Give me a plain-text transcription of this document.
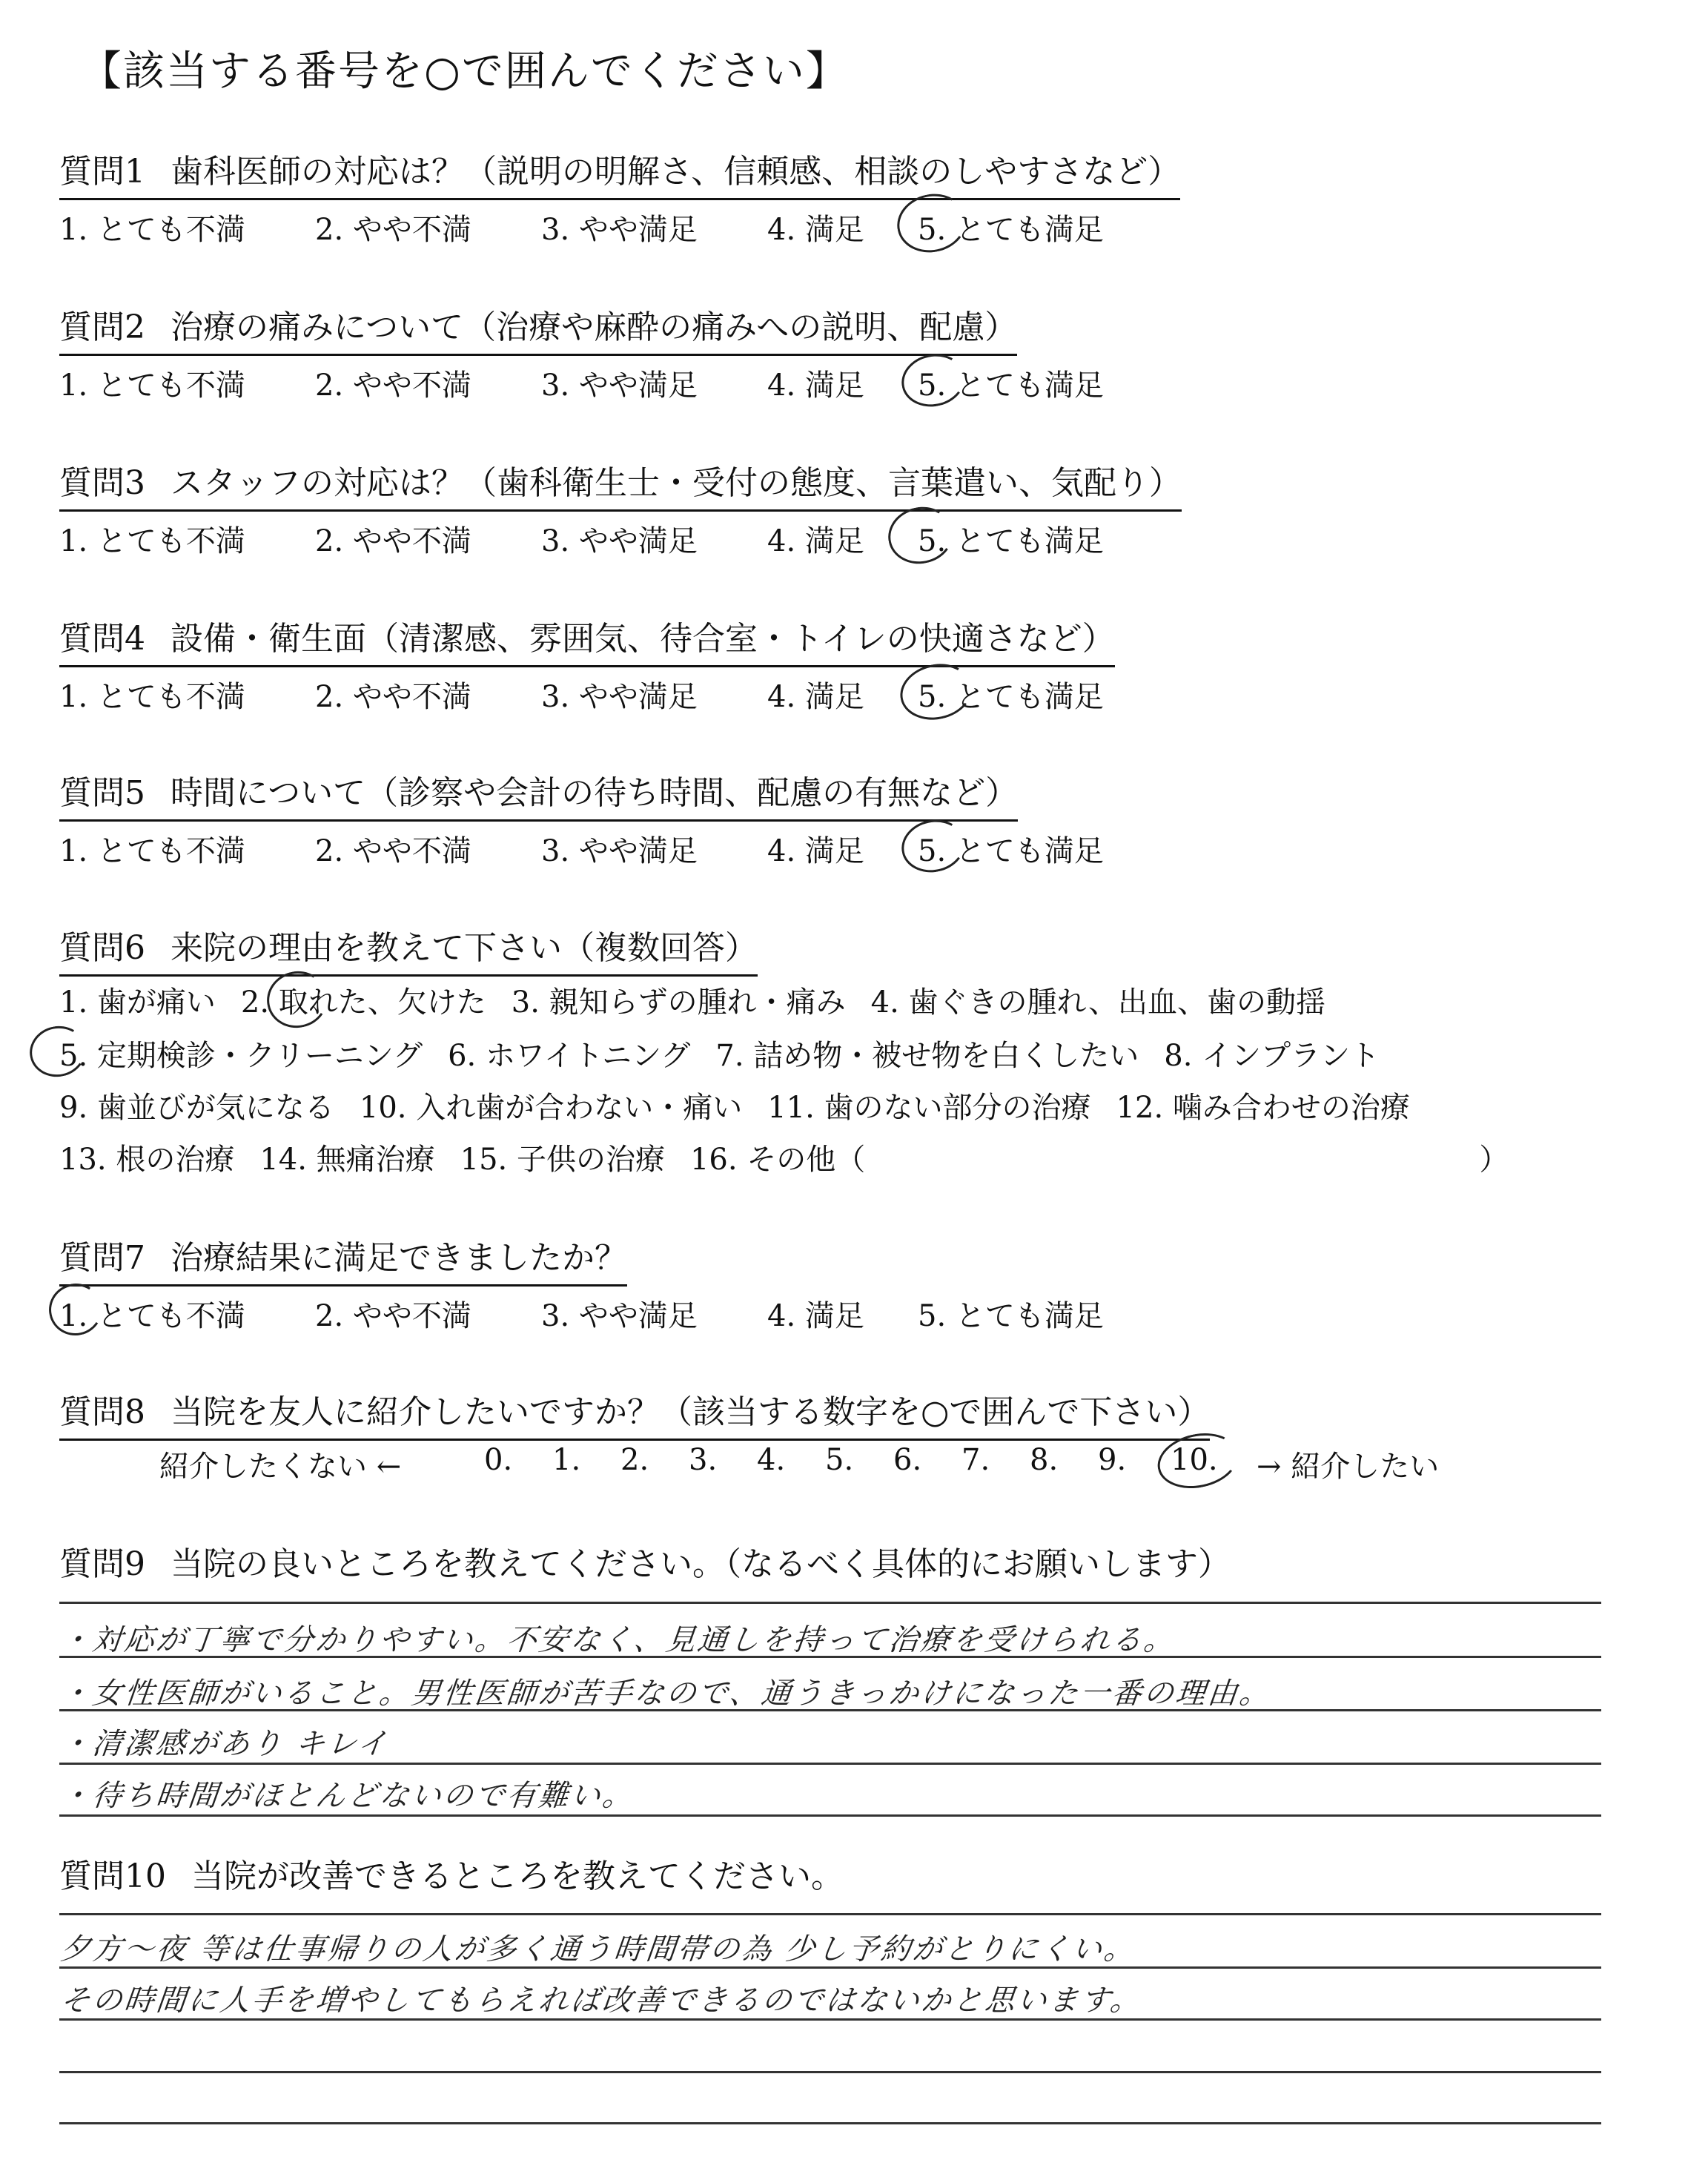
【該当する番号を○で囲んでください】
質問1 歯科医師の対応は？（説明の明解さ、信頼感、相談のしやすさなど）
1. とても不満 2. やや不満 3. やや満足 4. 満足 5. とても満足
質問2 治療の痛みについて（治療や麻酔の痛みへの説明、配慮）
1. とても不満 2. やや不満 3. やや満足 4. 満足 5. とても満足
質問3 スタッフの対応は？（歯科衛生士・受付の態度、言葉遣い、気配り）
1. とても不満 2. やや不満 3. やや満足 4. 満足 5. とても満足
質問4 設備・衛生面（清潔感、雰囲気、待合室・トイレの快適さなど）
1. とても不満 2. やや不満 3. やや満足 4. 満足 5. とても満足
質問5 時間について（診察や会計の待ち時間、配慮の有無など）
1. とても不満 2. やや不満 3. やや満足 4. 満足 5. とても満足
質問6 来院の理由を教えて下さい（複数回答）
1. 歯が痛い 2. 取れた、欠けた 3. 親知らずの腫れ・痛み 4. 歯ぐきの腫れ、出血、歯の動揺
5. 定期検診・クリーニング 6. ホワイトニング 7. 詰め物・被せ物を白くしたい 8. インプラント
9. 歯並びが気になる 10. 入れ歯が合わない・痛い 11. 歯のない部分の治療 12. 噛み合わせの治療
13. 根の治療 14. 無痛治療 15. 子供の治療 16. その他（	）
質問7 治療結果に満足できましたか？
1. とても不満 2. やや不満 3. やや満足 4. 満足 5. とても満足
質問8 当院を友人に紹介したいですか？（該当する数字を○で囲んで下さい）
紹介したくない ←	0. 1. 2. 3. 4. 5. 6. 7. 8. 9. 10. → 紹介したい
質問9 当院の良いところを教えてください。（なるべく具体的にお願いします）
・対応が丁寧で分かりやすい。不安なく、見通しを持って治療を受けられる。
・女性医師がいること。男性医師が苦手なので、通うきっかけになった一番の理由。
・清潔感があり キレイ
・待ち時間がほとんどないので有難い。
質問10 当院が改善できるところを教えてください。
夕方〜夜 等は仕事帰りの人が多く通う時間帯の為 少し予約がとりにくい。
その時間に人手を増やしてもらえれば改善できるのではないかと思います。
